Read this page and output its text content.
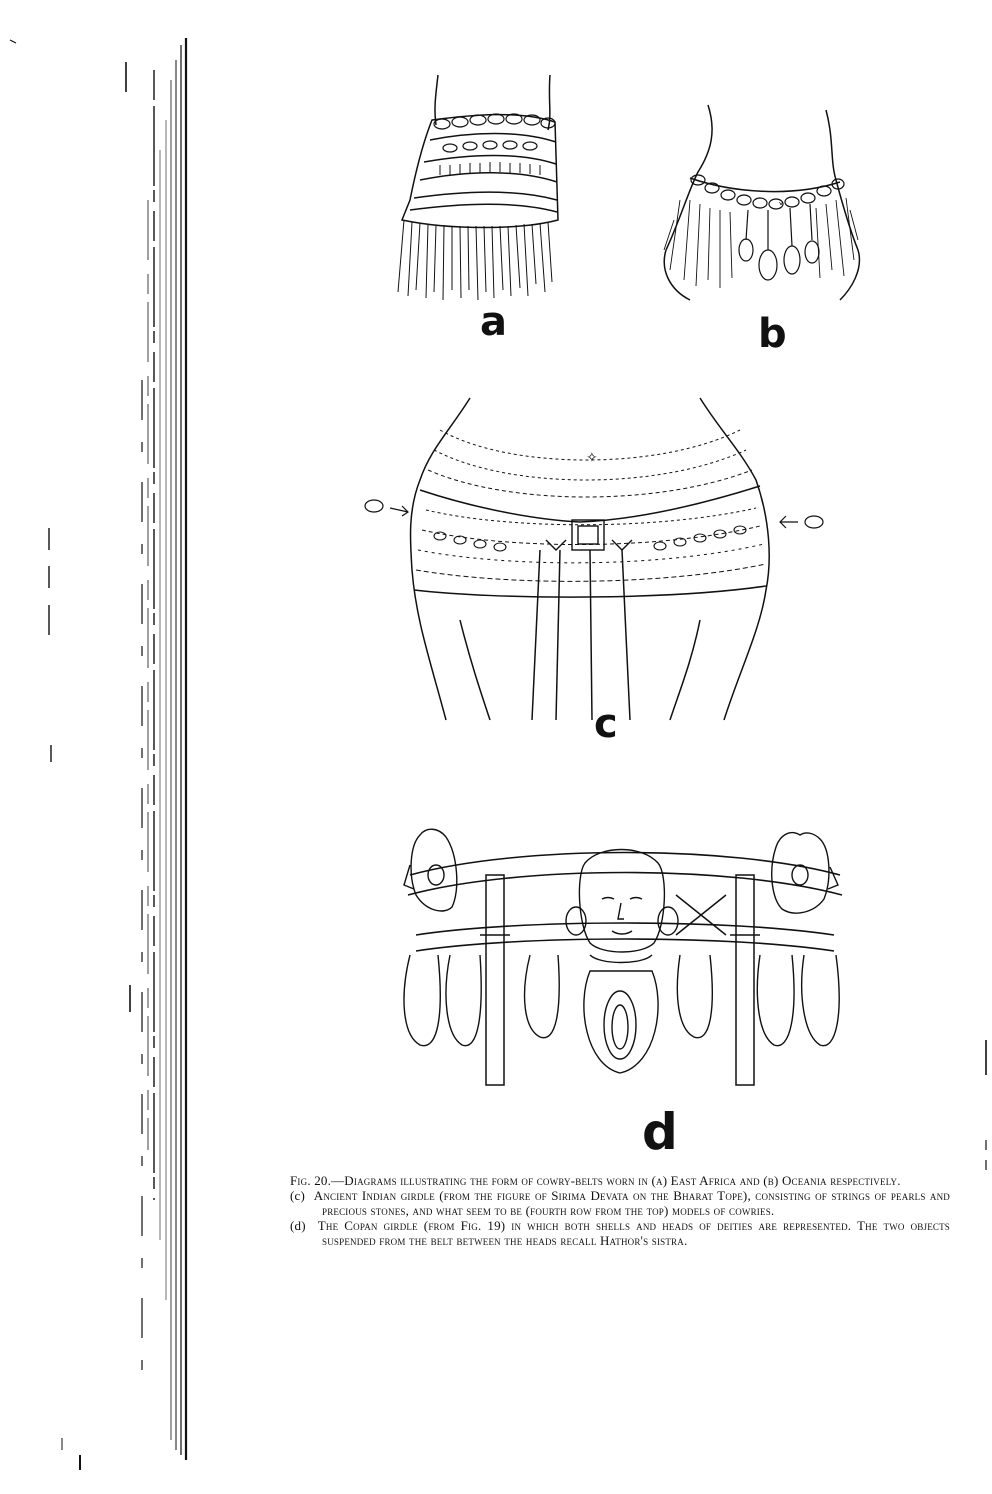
a
˅
b
✧
c
d

Fig. 20.—Diagrams illustrating the form of cowry-belts worn in (a) East Africa and (b) Oceania respectively.

(c) Ancient Indian girdle (from the figure of Sirima Devata on the Bharat Tope), consisting of strings of pearls and precious stones, and what seem to be (fourth row from the top) models of cowries.

(d) The Copan girdle (from Fig. 19) in which both shells and heads of deities are represented. The two objects suspended from the belt between the heads recall Hathor's sistra.
